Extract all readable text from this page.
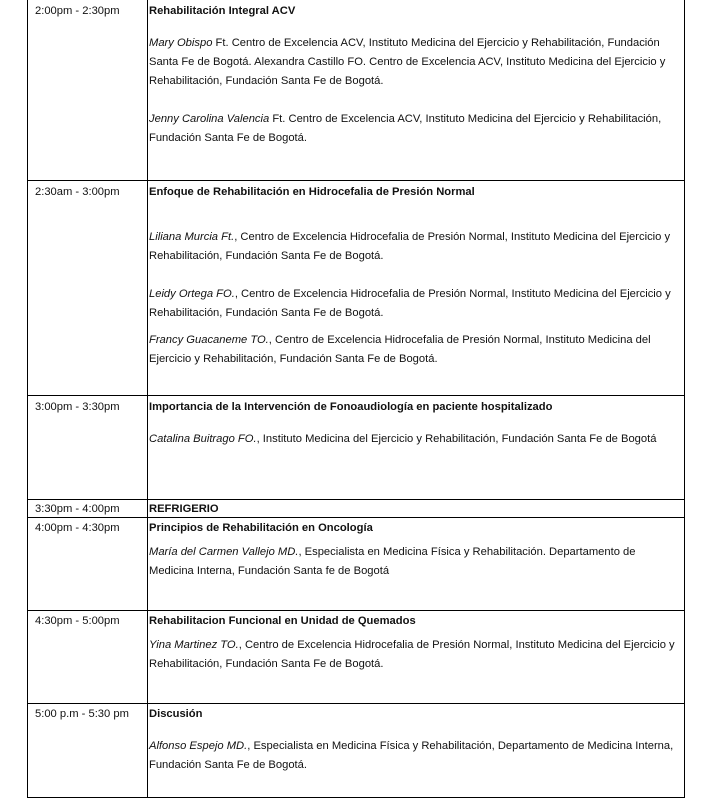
2:00pm - 2:30pm	Rehabilitación Integral ACV
Mary Obispo Ft. Centro de Excelencia ACV, Instituto Medicina del Ejercicio y Rehabilitación, Fundación Santa Fe de Bogotá. Alexandra Castillo FO. Centro de Excelencia ACV, Instituto Medicina del Ejercicio y Rehabilitación, Fundación Santa Fe de Bogotá.
Jenny Carolina Valencia Ft. Centro de Excelencia ACV, Instituto Medicina del Ejercicio y Rehabilitación, Fundación Santa Fe de Bogotá.
2:30am - 3:00pm	Enfoque de Rehabilitación en Hidrocefalia de Presión Normal
Liliana Murcia Ft., Centro de Excelencia Hidrocefalia de Presión Normal, Instituto Medicina del Ejercicio y Rehabilitación, Fundación Santa Fe de Bogotá.
Leidy Ortega FO., Centro de Excelencia Hidrocefalia de Presión Normal, Instituto Medicina del Ejercicio y Rehabilitación, Fundación Santa Fe de Bogotá.
Francy Guacaneme TO., Centro de Excelencia Hidrocefalia de Presión Normal, Instituto Medicina del Ejercicio y Rehabilitación, Fundación Santa Fe de Bogotá.
3:00pm - 3:30pm	Importancia de la Intervención de Fonoaudiología en paciente hospitalizado
Catalina Buitrago FO., Instituto Medicina del Ejercicio y Rehabilitación, Fundación Santa Fe de Bogotá
3:30pm - 4:00pm	REFRIGERIO
4:00pm - 4:30pm	Principios de Rehabilitación en Oncología
María del Carmen Vallejo MD., Especialista en Medicina Física y Rehabilitación. Departamento de Medicina Interna, Fundación Santa fe de Bogotá
4:30pm - 5:00pm	Rehabilitacion Funcional en Unidad de Quemados
Yina Martinez TO., Centro de Excelencia Hidrocefalia de Presión Normal, Instituto Medicina del Ejercicio y Rehabilitación, Fundación Santa Fe de Bogotá.
5:00 p.m - 5:30 pm	Discusión
Alfonso Espejo MD., Especialista en Medicina Física y Rehabilitación, Departamento de Medicina Interna, Fundación Santa Fe de Bogotá.
